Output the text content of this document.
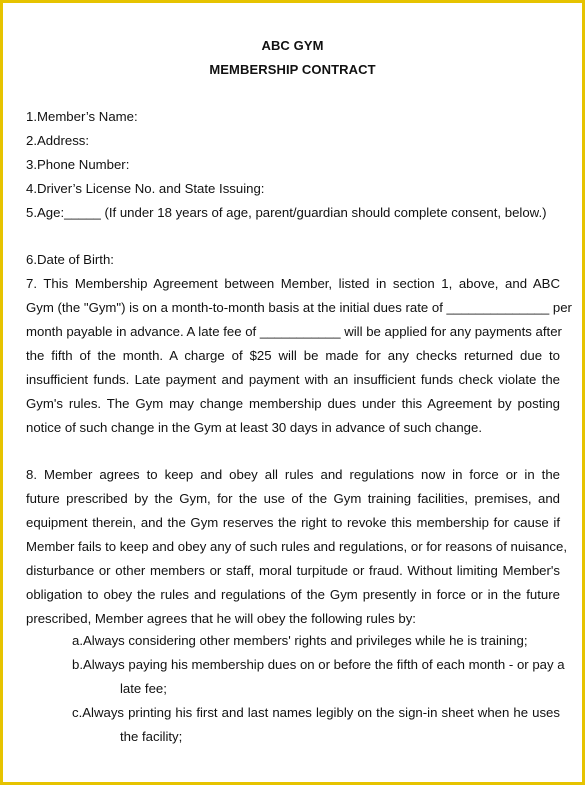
ABC GYM
MEMBERSHIP CONTRACT
1.Member’s Name:
2.Address:
3.Phone Number:
4.Driver’s License No. and State Issuing:
5.Age:_____ (If under 18 years of age, parent/guardian should complete consent, below.)
6.Date of Birth:
7. This Membership Agreement between Member, listed in section 1, above, and ABC
Gym (the "Gym") is on a month-to-month basis at the initial dues rate of ______________ per
month payable in advance. A late fee of ___________ will be applied for any payments after
the fifth of the month. A charge of $25 will be made for any checks returned due to
insufficient funds. Late payment and payment with an insufficient funds check violate the
Gym's rules. The Gym may change membership dues under this Agreement by posting
notice of such change in the Gym at least 30 days in advance of such change.
8. Member agrees to keep and obey all rules and regulations now in force or in the
future prescribed by the Gym, for the use of the Gym training facilities, premises, and
equipment therein, and the Gym reserves the right to revoke this membership for cause if
Member fails to keep and obey any of such rules and regulations, or for reasons of nuisance,
disturbance or other members or staff, moral turpitude or fraud. Without limiting Member's
obligation to obey the rules and regulations of the Gym presently in force or in the future
prescribed, Member agrees that he will obey the following rules by:
a.Always considering other members' rights and privileges while he is training;
b.Always paying his membership dues on or before the fifth of each month - or pay a
late fee;
c.Always printing his first and last names legibly on the sign-in sheet when he uses
the facility;
